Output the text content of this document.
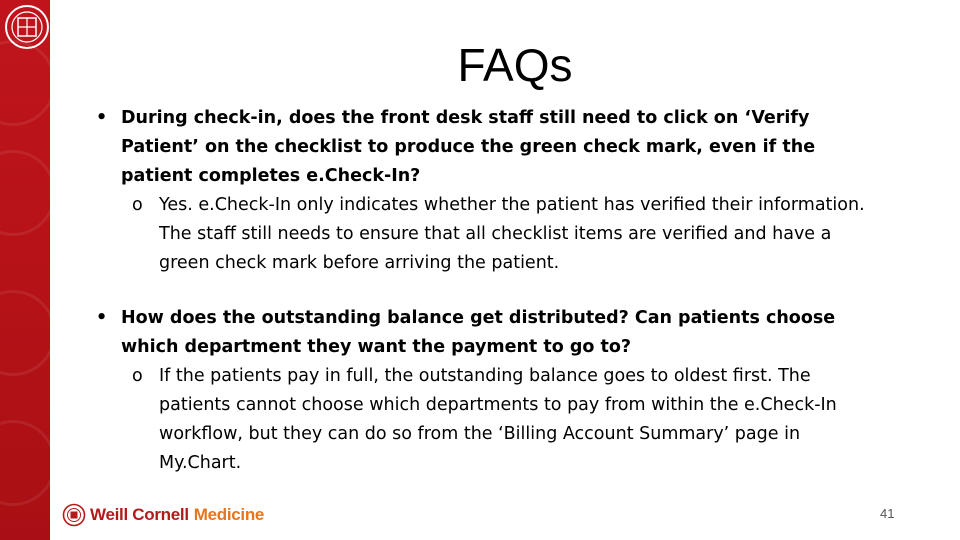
FAQs
• During check-in, does the front desk staff still need to click on ‘Verify Patient’ on the checklist to produce the green check mark, even if the patient completes e.Check-In?
o Yes. e.Check-In only indicates whether the patient has verified their information. The staff still needs to ensure that all checklist items are verified and have a green check mark before arriving the patient.
• How does the outstanding balance get distributed? Can patients choose which department they want the payment to go to?
o If the patients pay in full, the outstanding balance goes to oldest first. The patients cannot choose which departments to pay from within the e.Check-In workflow, but they can do so from the ‘Billing Account Summary’ page in My.Chart.
Weill Cornell Medicine	41
